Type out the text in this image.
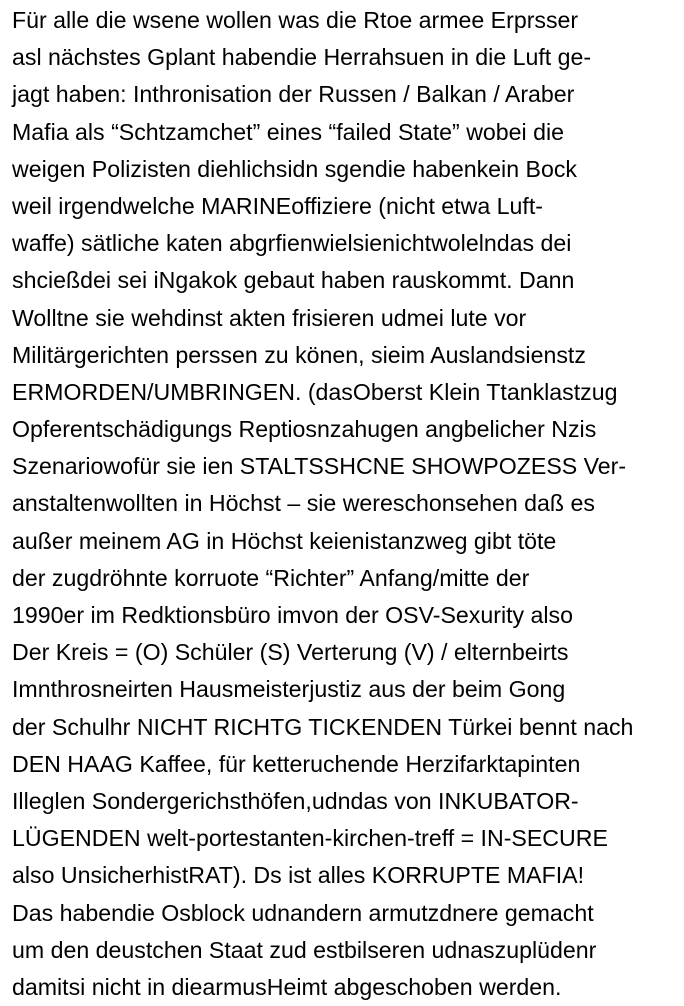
Für alle die wsene wollen was die Rtoe armee Erprsser
asl nächstes Gplant habendie Herrahsuen in die Luft ge-
jagt haben: Inthronisation der Russen / Balkan / Araber
Mafia als “Schtzamchet” eines “failed State” wobei die
weigen Polizisten diehlichsidn sgendie habenkein Bock
weil irgendwelche MARINEoffiziere (nicht etwa Luft-
waffe) sätliche katen abgrfienwielsienichtwolelndas dei
shcießdei sei iNgakok gebaut haben rauskommt. Dann
Wolltne sie wehdinst akten frisieren udmei lute vor
Militärgerichten perssen zu könen, sieim Auslandsienstz
ERMORDEN/UMBRINGEN. (dasOberst Klein Ttanklastzug
Opferentschädigungs Reptiosnzahugen angbelicher Nzis
Szenariowofür sie ien STALTSSHCNE SHOWPOZESS Ver-
anstaltenwollten in Höchst – sie wereschonsehen daß es
außer meinem AG in Höchst keienistanzweg gibt töte
der zugdröhnte korruote “Richter” Anfang/mitte der
1990er im Redktionsbüro imvon der OSV-Sexurity also
Der Kreis = (O) Schüler (S) Verterung (V) / elternbeirts
Imnthrosneirten Hausmeisterjustiz aus der beim Gong
der Schulhr NICHT RICHTG TICKENDEN Türkei bennt nach
DEN HAAG Kaffee, für ketteruchende Herzifarktapinten
Illeglen Sondergerichsthöfen,udndas von INKUBATOR-
LÜGENDEN welt-portestanten-kirchen-treff = IN-SECURE
also UnsicherhistRAT). Ds ist alles KORRUPTE MAFIA!
Das habendie Osblock udnandern armutzdnere gemacht
um den deustchen Staat zud estbilseren udnaszuplüdenr
damitsi nicht in diearmusHeimt abgeschoben werden.
